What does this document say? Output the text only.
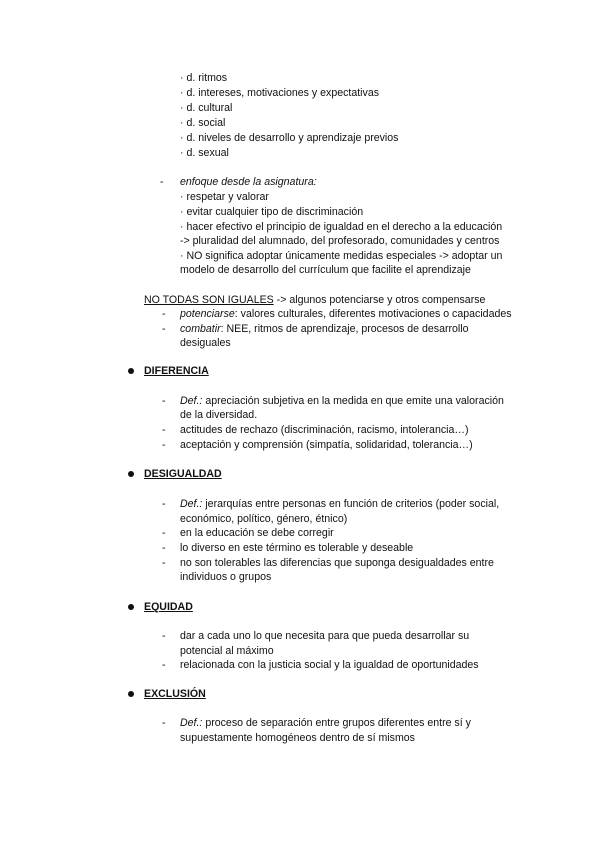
· d. ritmos
· d. intereses, motivaciones y expectativas
· d. cultural
· d. social
· d. niveles de desarrollo y aprendizaje previos
· d. sexual
- enfoque desde la asignatura:
· respetar y valorar
· evitar cualquier tipo de discriminación
· hacer efectivo el principio de igualdad en el derecho a la educación
-> pluralidad del alumnado, del profesorado, comunidades y centros
· NO significa adoptar únicamente medidas especiales -> adoptar un
modelo de desarrollo del currículum que facilite el aprendizaje
NO TODAS SON IGUALES -> algunos potenciarse y otros compensarse
- potenciarse: valores culturales, diferentes motivaciones o capacidades
- combatir: NEE, ritmos de aprendizaje, procesos de desarrollo
desiguales
DIFERENCIA
- Def.: apreciación subjetiva en la medida en que emite una valoración
de la diversidad.
- actitudes de rechazo (discriminación, racismo, intolerancia…)
- aceptación y comprensión (simpatía, solidaridad, tolerancia…)
DESIGUALDAD
- Def.: jerarquías entre personas en función de criterios (poder social,
económico, político, género, étnico)
- en la educación se debe corregir
- lo diverso en este término es tolerable y deseable
- no son tolerables las diferencias que suponga desigualdades entre
individuos o grupos
EQUIDAD
- dar a cada uno lo que necesita para que pueda desarrollar su
potencial al máximo
- relacionada con la justicia social y la igualdad de oportunidades
EXCLUSIÓN
- Def.: proceso de separación entre grupos diferentes entre sí y
supuestamente homogéneos dentro de sí mismos
